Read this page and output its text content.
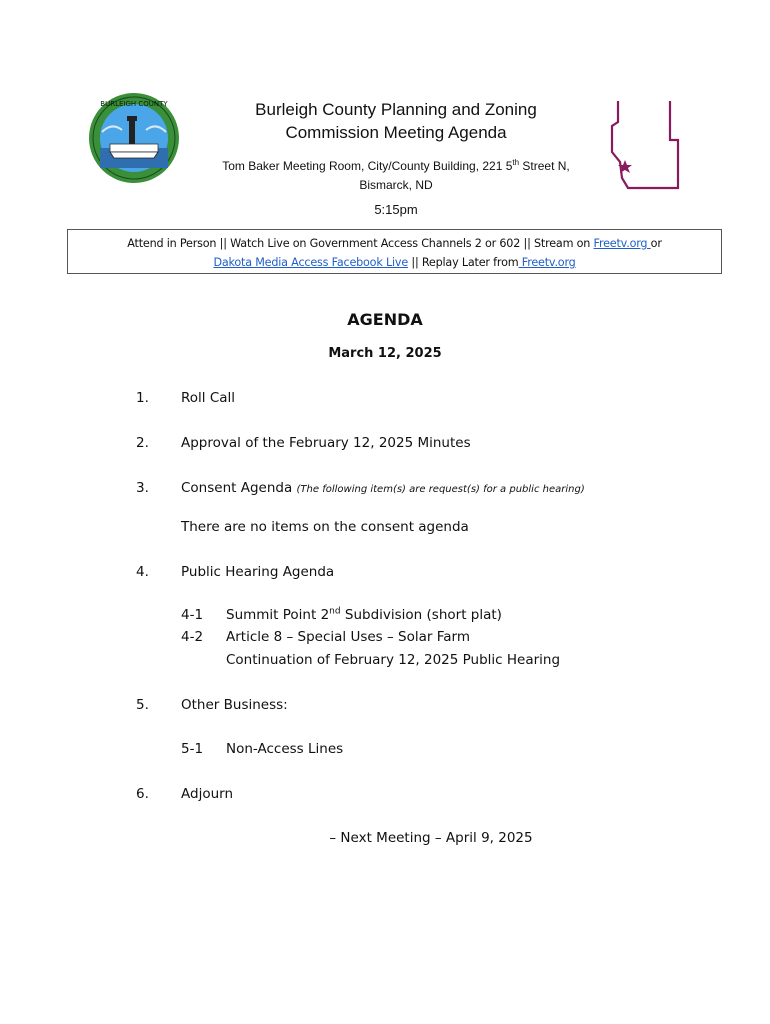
BURLEIGH COUNTY	Burleigh County Planning and Zoning
Commission Meeting Agenda
Tom Baker Meeting Room, City/County Building, 221 5th Street N,
Bismarck, ND
5:15pm
Attend in Person || Watch Live on Government Access Channels 2 or 602 || Stream on Freetv.org or
Dakota Media Access Facebook Live || Replay Later from Freetv.org
AGENDA
March 12, 2025
1. Roll Call
2. Approval of the February 12, 2025 Minutes
3. Consent Agenda (The following item(s) are request(s) for a public hearing)
There are no items on the consent agenda
4. Public Hearing Agenda
4-1 Summit Point 2nd Subdivision (short plat)
4-2 Article 8 – Special Uses – Solar Farm
Continuation of February 12, 2025 Public Hearing
5. Other Business:
5-1 Non-Access Lines
6. Adjourn
– Next Meeting – April 9, 2025
